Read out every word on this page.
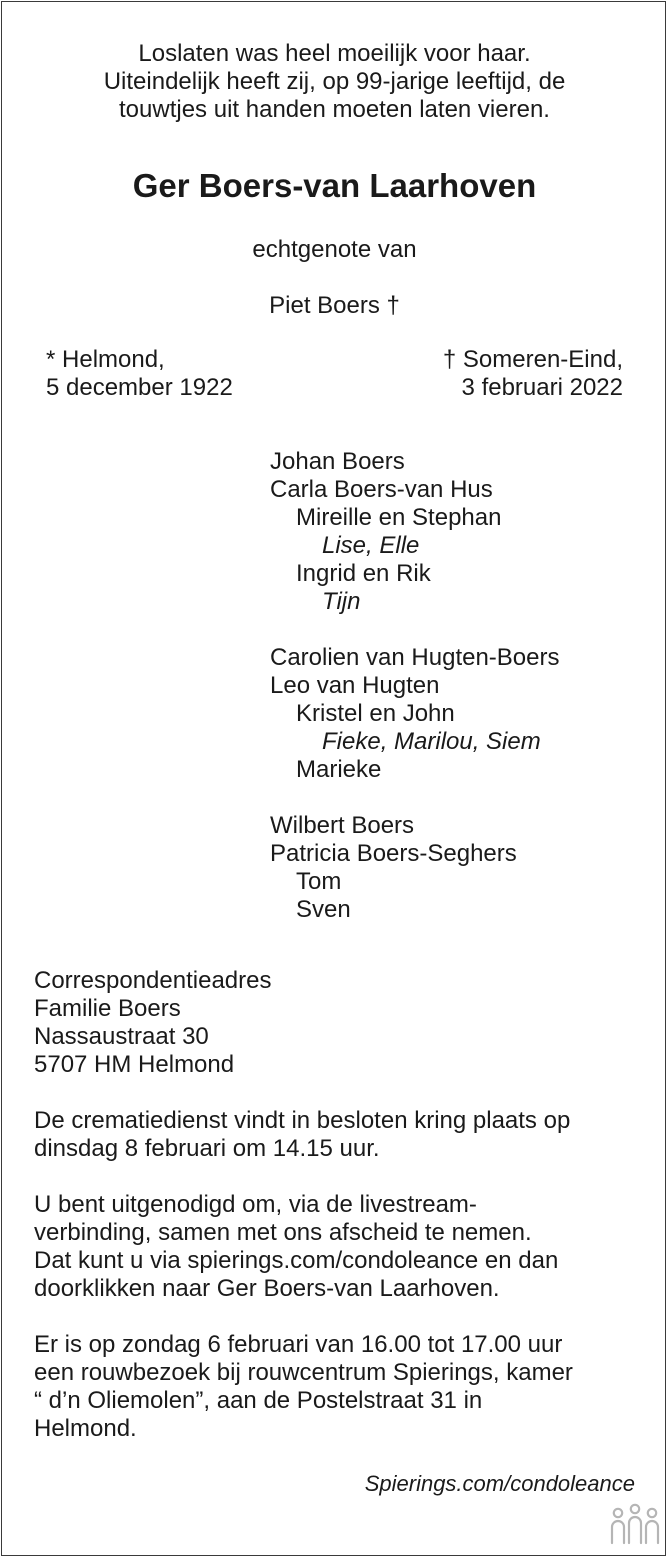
Loslaten was heel moeilijk voor haar.
Uiteindelijk heeft zij, op 99-jarige leeftijd, de
touwtjes uit handen moeten laten vieren.
Ger Boers-van Laarhoven
echtgenote van
Piet Boers †
* Helmond,
5 december 1922
† Someren-Eind,
3 februari 2022
Johan Boers
Carla Boers-van Hus
Mireille en Stephan
Lise, Elle
Ingrid en Rik
Tijn
Carolien van Hugten-Boers
Leo van Hugten
Kristel en John
Fieke, Marilou, Siem
Marieke
Wilbert Boers
Patricia Boers-Seghers
Tom
Sven
Correspondentieadres
Familie Boers
Nassaustraat 30
5707 HM Helmond
De crematiedienst vindt in besloten kring plaats op
dinsdag 8 februari om 14.15 uur.
U bent uitgenodigd om, via de livestream-
verbinding, samen met ons afscheid te nemen.
Dat kunt u via spierings.com/condoleance en dan
doorklikken naar Ger Boers-van Laarhoven.
Er is op zondag 6 februari van 16.00 tot 17.00 uur
een rouwbezoek bij rouwcentrum Spierings, kamer
“ d’n Oliemolen”, aan de Postelstraat 31 in
Helmond.
Spierings.com/condoleance
